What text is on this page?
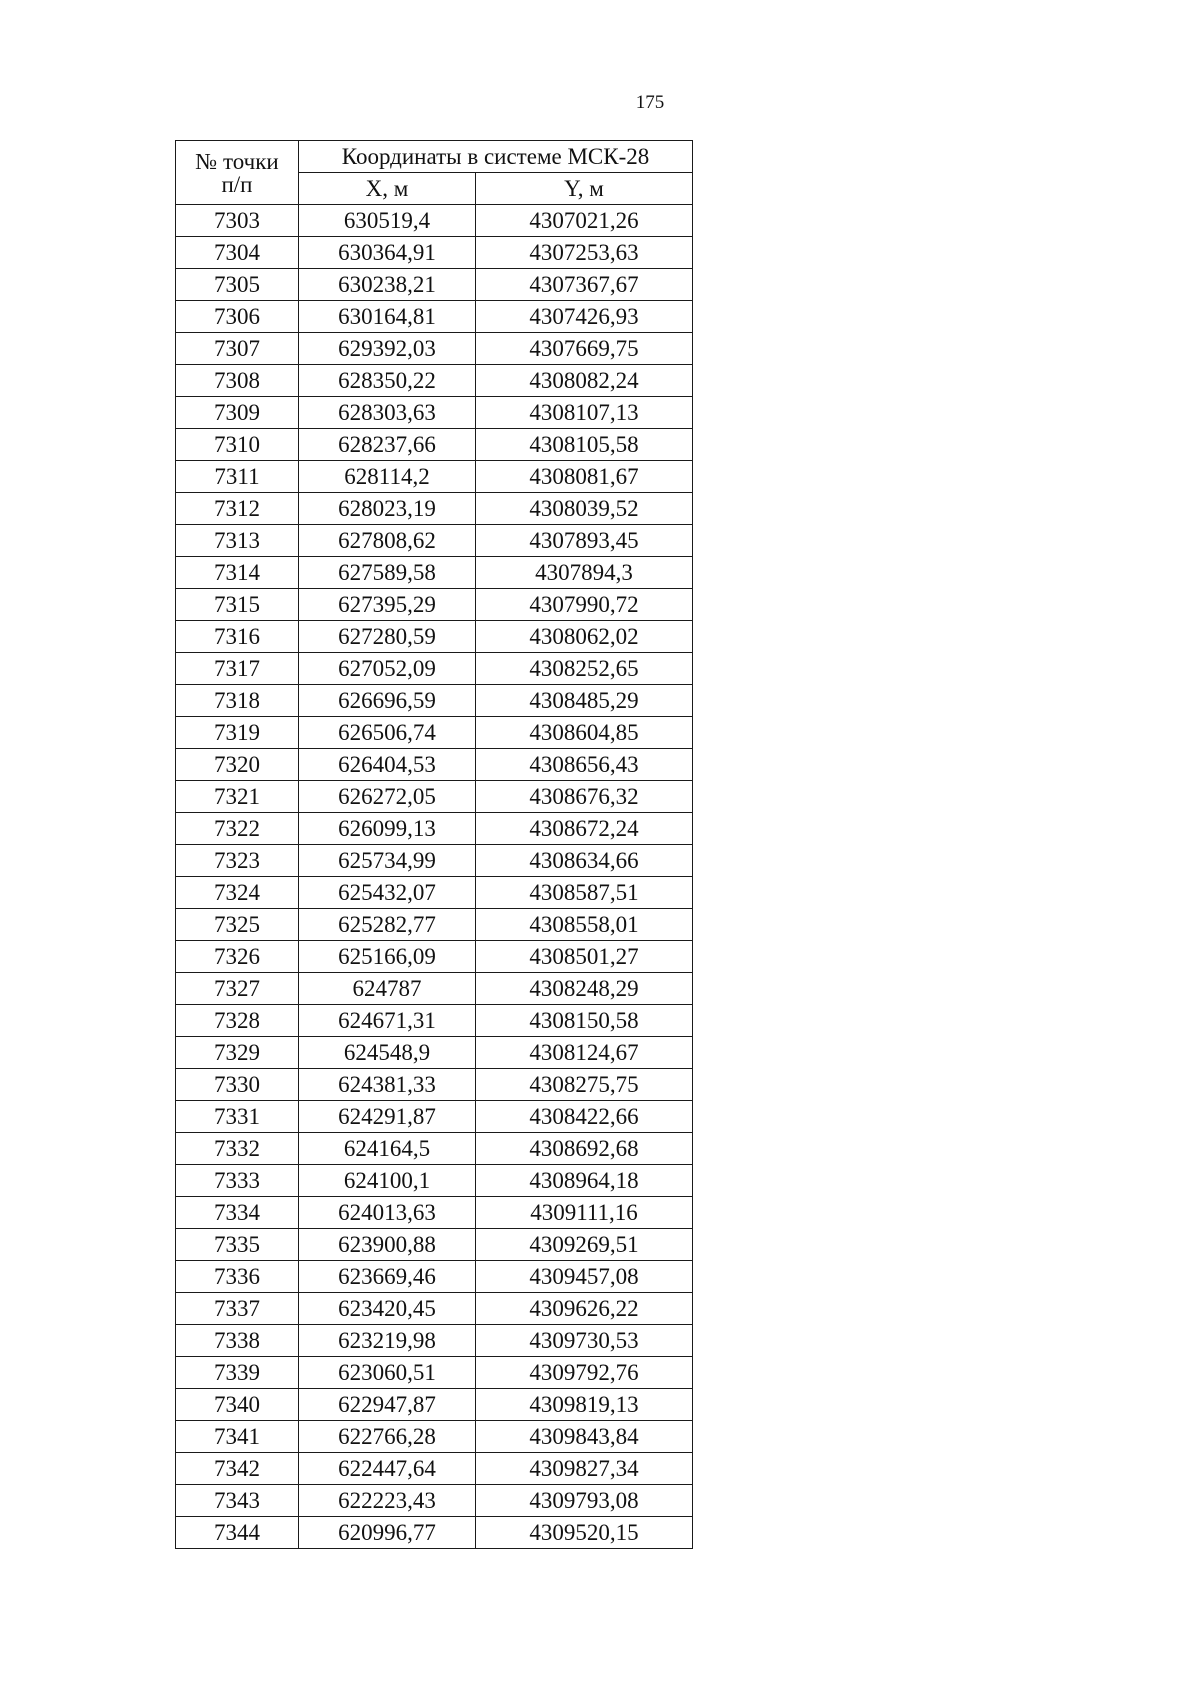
175
№ точки
п/п	Координаты в системе МСК-28	
	X, м	Y, м
7303	630519,4	4307021,26
7304	630364,91	4307253,63
7305	630238,21	4307367,67
7306	630164,81	4307426,93
7307	629392,03	4307669,75
7308	628350,22	4308082,24
7309	628303,63	4308107,13
7310	628237,66	4308105,58
7311	628114,2	4308081,67
7312	628023,19	4308039,52
7313	627808,62	4307893,45
7314	627589,58	4307894,3
7315	627395,29	4307990,72
7316	627280,59	4308062,02
7317	627052,09	4308252,65
7318	626696,59	4308485,29
7319	626506,74	4308604,85
7320	626404,53	4308656,43
7321	626272,05	4308676,32
7322	626099,13	4308672,24
7323	625734,99	4308634,66
7324	625432,07	4308587,51
7325	625282,77	4308558,01
7326	625166,09	4308501,27
7327	624787	4308248,29
7328	624671,31	4308150,58
7329	624548,9	4308124,67
7330	624381,33	4308275,75
7331	624291,87	4308422,66
7332	624164,5	4308692,68
7333	624100,1	4308964,18
7334	624013,63	4309111,16
7335	623900,88	4309269,51
7336	623669,46	4309457,08
7337	623420,45	4309626,22
7338	623219,98	4309730,53
7339	623060,51	4309792,76
7340	622947,87	4309819,13
7341	622766,28	4309843,84
7342	622447,64	4309827,34
7343	622223,43	4309793,08
7344	620996,77	4309520,15
